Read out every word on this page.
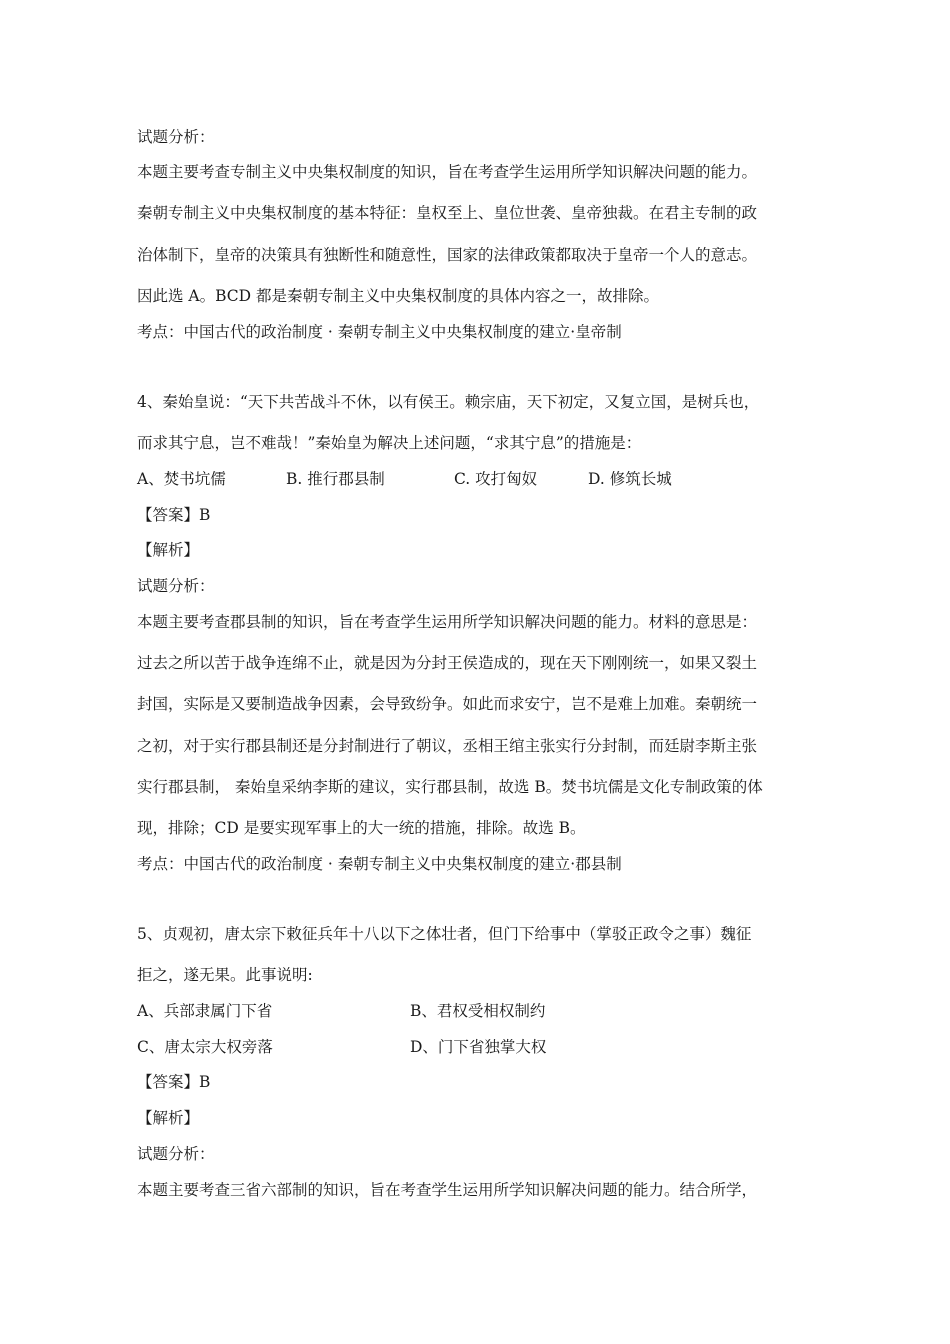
试题分析：
本题主要考查专制主义中央集权制度的知识，旨在考查学生运用所学知识解决问题的能力。
秦朝专制主义中央集权制度的基本特征：皇权至上、皇位世袭、皇帝独裁。在君主专制的政
治体制下，皇帝的决策具有独断性和随意性，国家的法律政策都取决于皇帝一个人的意志。
因此选 A。BCD 都是秦朝专制主义中央集权制度的具体内容之一，故排除。
考点：中国古代的政治制度 · 秦朝专制主义中央集权制度的建立·皇帝制
4、秦始皇说：“天下共苦战斗不休，以有侯王。赖宗庙，天下初定，又复立国，是树兵也，
而求其宁息，岂不难哉！”秦始皇为解决上述问题，“求其宁息”的措施是：
A、焚书坑儒	B. 推行郡县制	C. 攻打匈奴	D. 修筑长城
【答案】B
【解析】
试题分析：
本题主要考查郡县制的知识，旨在考查学生运用所学知识解决问题的能力。材料的意思是：
过去之所以苦于战争连绵不止，就是因为分封王侯造成的，现在天下刚刚统一，如果又裂土
封国，实际是又要制造战争因素，会导致纷争。如此而求安宁，岂不是难上加难。秦朝统一
之初，对于实行郡县制还是分封制进行了朝议，丞相王绾主张实行分封制，而廷尉李斯主张
实行郡县制， 秦始皇采纳李斯的建议，实行郡县制，故选 B。焚书坑儒是文化专制政策的体
现，排除；CD 是要实现军事上的大一统的措施，排除。故选 B。
考点：中国古代的政治制度 · 秦朝专制主义中央集权制度的建立·郡县制
5、贞观初，唐太宗下敕征兵年十八以下之体壮者，但门下给事中（掌驳正政令之事）魏征
拒之，遂无果。此事说明:
A、兵部隶属门下省	B、君权受相权制约
C、唐太宗大权旁落	D、门下省独掌大权
【答案】B
【解析】
试题分析：
本题主要考查三省六部制的知识，旨在考查学生运用所学知识解决问题的能力。结合所学，
